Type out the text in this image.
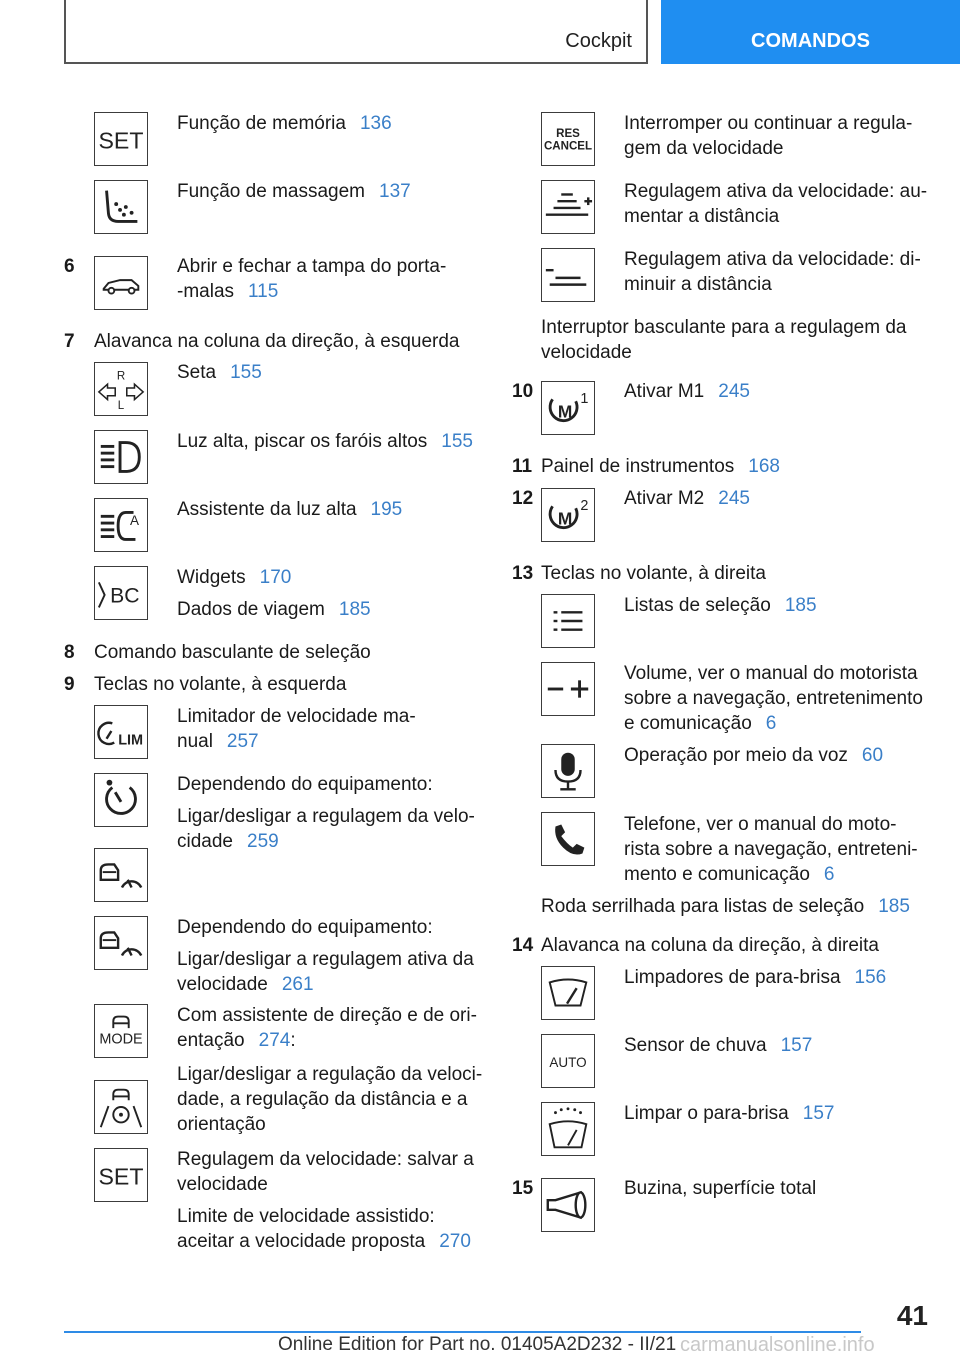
Cockpit	COMANDOS
SET
Função de memória 136
Função de massagem 137
6	Abrir e fechar a tampa do porta-
-malas 115
7 Alavanca na coluna da direção, à esquerda
R
L
Seta 155
Luz alta, piscar os faróis altos 155
A
Assistente da luz alta 195
BC
Widgets 170
Dados de viagem 185
8 Comando basculante de seleção
9 Teclas no volante, à esquerda
LIM
Limitador de velocidade ma-
nual 257
Dependendo do equipamento:
Ligar/desligar a regulagem da velo-
cidade 259
Dependendo do equipamento:
Ligar/desligar a regulagem ativa da
velocidade 261
MODE
Com assistente de direção e de ori-
entação 274:
Ligar/desligar a regulação da veloci-
dade, a regulação da distância e a
orientação
SET
Regulagem da velocidade: salvar a
velocidade
Limite de velocidade assistido:
aceitar a velocidade proposta 270
RES
CANCEL
Interromper ou continuar a regula-
gem da velocidade
Regulagem ativa da velocidade: au-
mentar a distância
Regulagem ativa da velocidade: di-
minuir a distância
Interruptor basculante para a regulagem da
velocidade
10
M
1 Ativar M1 245
11 Painel de instrumentos 168
12
M
2 Ativar M2 245
13 Teclas no volante, à direita
Listas de seleção 185
Volume, ver o manual do motorista
sobre a navegação, entretenimento
e comunicação 6
Operação por meio da voz 60
Telefone, ver o manual do moto-
rista sobre a navegação, entreteni-
mento e comunicação 6
Roda serrilhada para listas de seleção 185
14 Alavanca na coluna da direção, à direita
Limpadores de para-brisa 156
AUTO
Sensor de chuva 157
Limpar o para-brisa 157
15	Buzina, superfície total
41
Online Edition for Part no. 01405A2D232 - II/21 carmanualsonline.info
